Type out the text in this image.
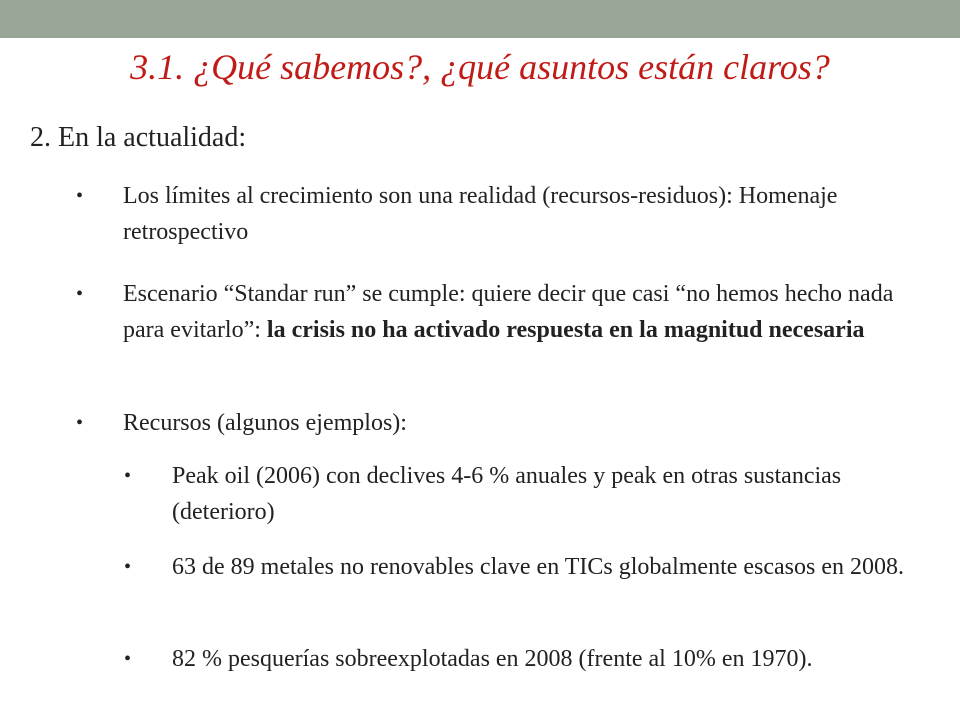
3.1. ¿Qué sabemos?, ¿qué asuntos están claros?
2. En la actualidad:
•	Los límites al crecimiento son una realidad (recursos-residuos): Homenaje retrospectivo
•	Escenario “Standar run” se cumple: quiere decir que casi “no hemos hecho nada para evitarlo”: la crisis no ha activado respuesta en la magnitud necesaria
•	Recursos (algunos ejemplos):
•	Peak oil (2006) con declives 4-6 % anuales y peak en otras sustancias (deterioro)
•	63 de 89 metales no renovables clave en TICs globalmente escasos en 2008.
•	82 % pesquerías sobreexplotadas en 2008 (frente al 10% en 1970).
